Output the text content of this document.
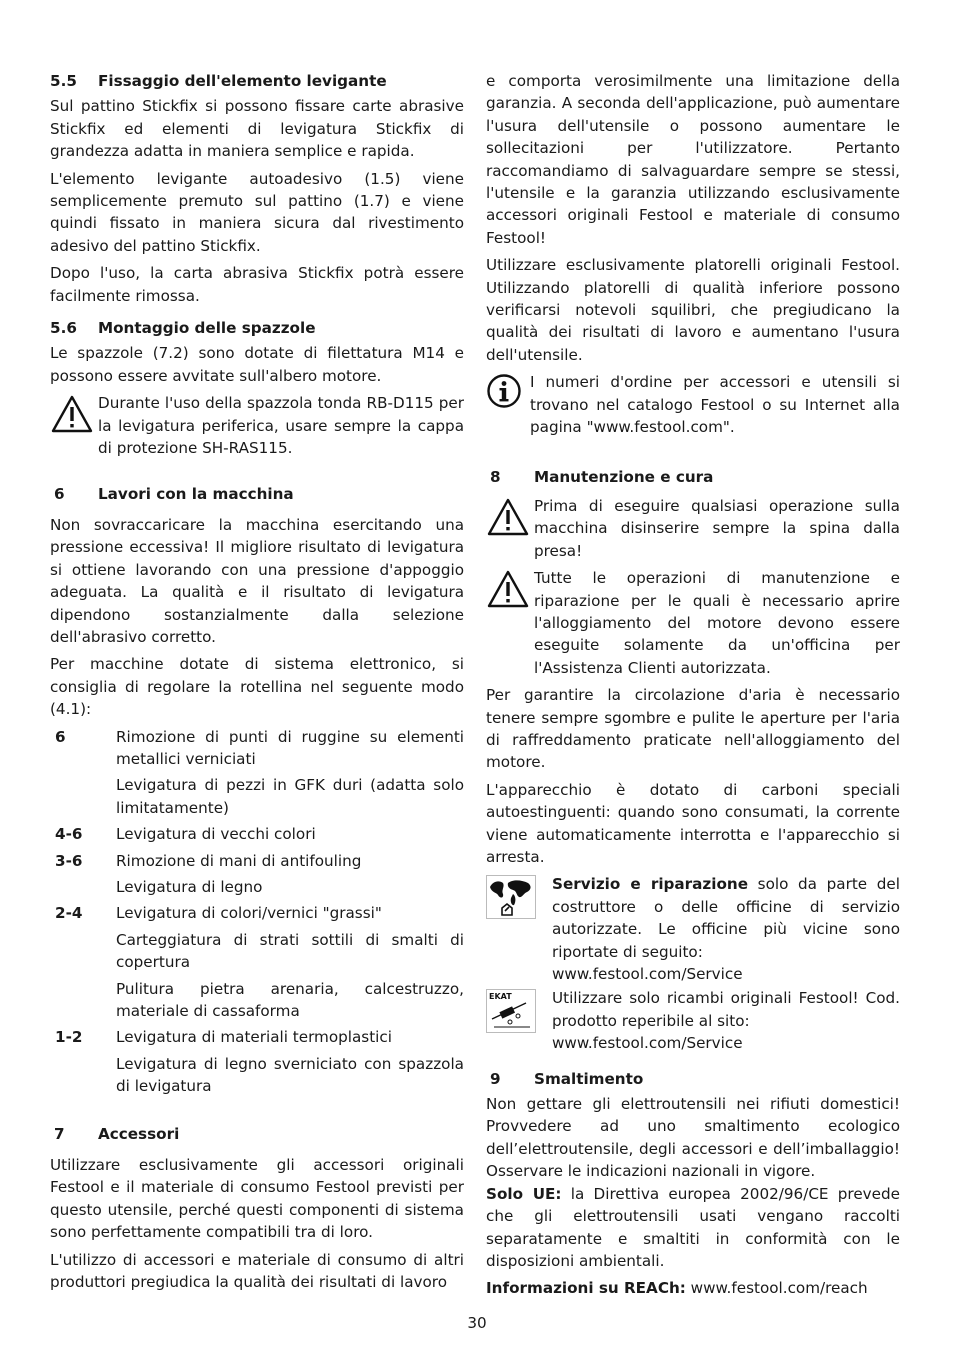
5.5	Fissaggio dell'elemento levigante

Sul pattino Stickfix si possono fissare carte abrasive Stickfix ed elementi di levigatura Stickfix di grandezza adatta in maniera semplice e rapida.

L'elemento levigante autoadesivo (1.5) viene semplicemente premuto sul pattino (1.7) e viene quindi fissato in maniera sicura dal rivestimento adesivo del pattino Stickfix.

Dopo l'uso, la carta abrasiva Stickfix potrà essere facilmente rimossa.

5.6	Montaggio delle spazzole

Le spazzole (7.2) sono dotate di filettatura M14 e possono essere avvitate sull'albero motore.

Durante l'uso della spazzola tonda RB-D115 per la levigatura periferica, usare sempre la cappa di protezione SH-RAS115.
6	Lavori con la macchina

Non sovraccaricare la macchina esercitando una pressione eccessiva! Il migliore risultato di levigatura si ottiene lavorando con una pressione d'appoggio adeguata. La qualità e il risultato di levigatura dipendono sostanzialmente dalla selezione dell'abrasivo corretto.

Per macchine dotate di sistema elettronico, si consiglia di regolare la rotellina nel seguente modo (4.1):

6	Rimozione di punti di ruggine su elementi metallici verniciati
Levigatura di pezzi in GFK duri (adatta solo limitatamente)
4-6	Levigatura di vecchi colori
3-6	Rimozione di mani di antifouling
Levigatura di legno
2-4	Levigatura di colori/vernici "grassi"
Carteggiatura di strati sottili di smalti di copertura
Pulitura pietra arenaria, calcestruzzo, materiale di cassaforma
1-2	Levigatura di materiali termoplastici
Levigatura di legno sverniciato con spazzola di levigatura
7	Accessori

Utilizzare esclusivamente gli accessori originali Festool e il materiale di consumo Festool previsti per questo utensile, perché questi componenti di sistema sono perfettamente compatibili tra di loro.

L'utilizzo di accessori e materiale di consumo di altri produttori pregiudica la qualità dei risultati di lavoro

e comporta verosimilmente una limitazione della garanzia. A seconda dell'applicazione, può aumentare l'usura dell'utensile o possono aumentare le sollecitazioni per l'utilizzatore. Pertanto raccomandiamo di salvaguardare sempre se stessi, l'utensile e la garanzia utilizzando esclusivamente accessori originali Festool e materiale di consumo Festool!

Utilizzare esclusivamente platorelli originali Festool. Utilizzando platorelli di qualità inferiore possono verificarsi notevoli squilibri, che pregiudicano la qualità dei risultati di lavoro e aumentano l'usura dell'utensile.

I numeri d'ordine per accessori e utensili si trovano nel catalogo Festool o su Internet alla pagina "www.festool.com".
8	Manutenzione e cura
Prima di eseguire qualsiasi operazione sulla macchina disinserire sempre la spina dalla presa!
Tutte le operazioni di manutenzione e riparazione per le quali è necessario aprire l'alloggiamento del motore devono essere eseguite solamente da un'officina per l'Assistenza Clienti autorizzata.

Per garantire la circolazione d'aria è necessario tenere sempre sgombre e pulite le aperture per l'aria di raffreddamento praticate nell'alloggiamento del motore.

L'apparecchio è dotato di carboni speciali autoestinguenti: quando sono consumati, la corrente viene automaticamente interrotta e l'apparecchio si arresta.

Servizio e riparazione solo da parte del costruttore o delle officine di servizio autorizzate. Le officine più vicine sono riportate di seguito:
www.festool.com/Service
EKAT	Utilizzare solo ricambi originali Festool! Cod. prodotto reperibile al sito:
www.festool.com/Service
9	Smaltimento

Non gettare gli elettroutensili nei rifiuti domestici! Provvedere ad uno smaltimento ecologico dell’elettroutensile, degli accessori e dell’imballaggio! Osservare le indicazioni nazionali in vigore.

Solo UE: la Direttiva europea 2002/96/CE prevede che gli elettroutensili usati vengano raccolti separatamente e smaltiti in conformità con le disposizioni ambientali.

Informazioni su REACh: www.festool.com/reach

30
